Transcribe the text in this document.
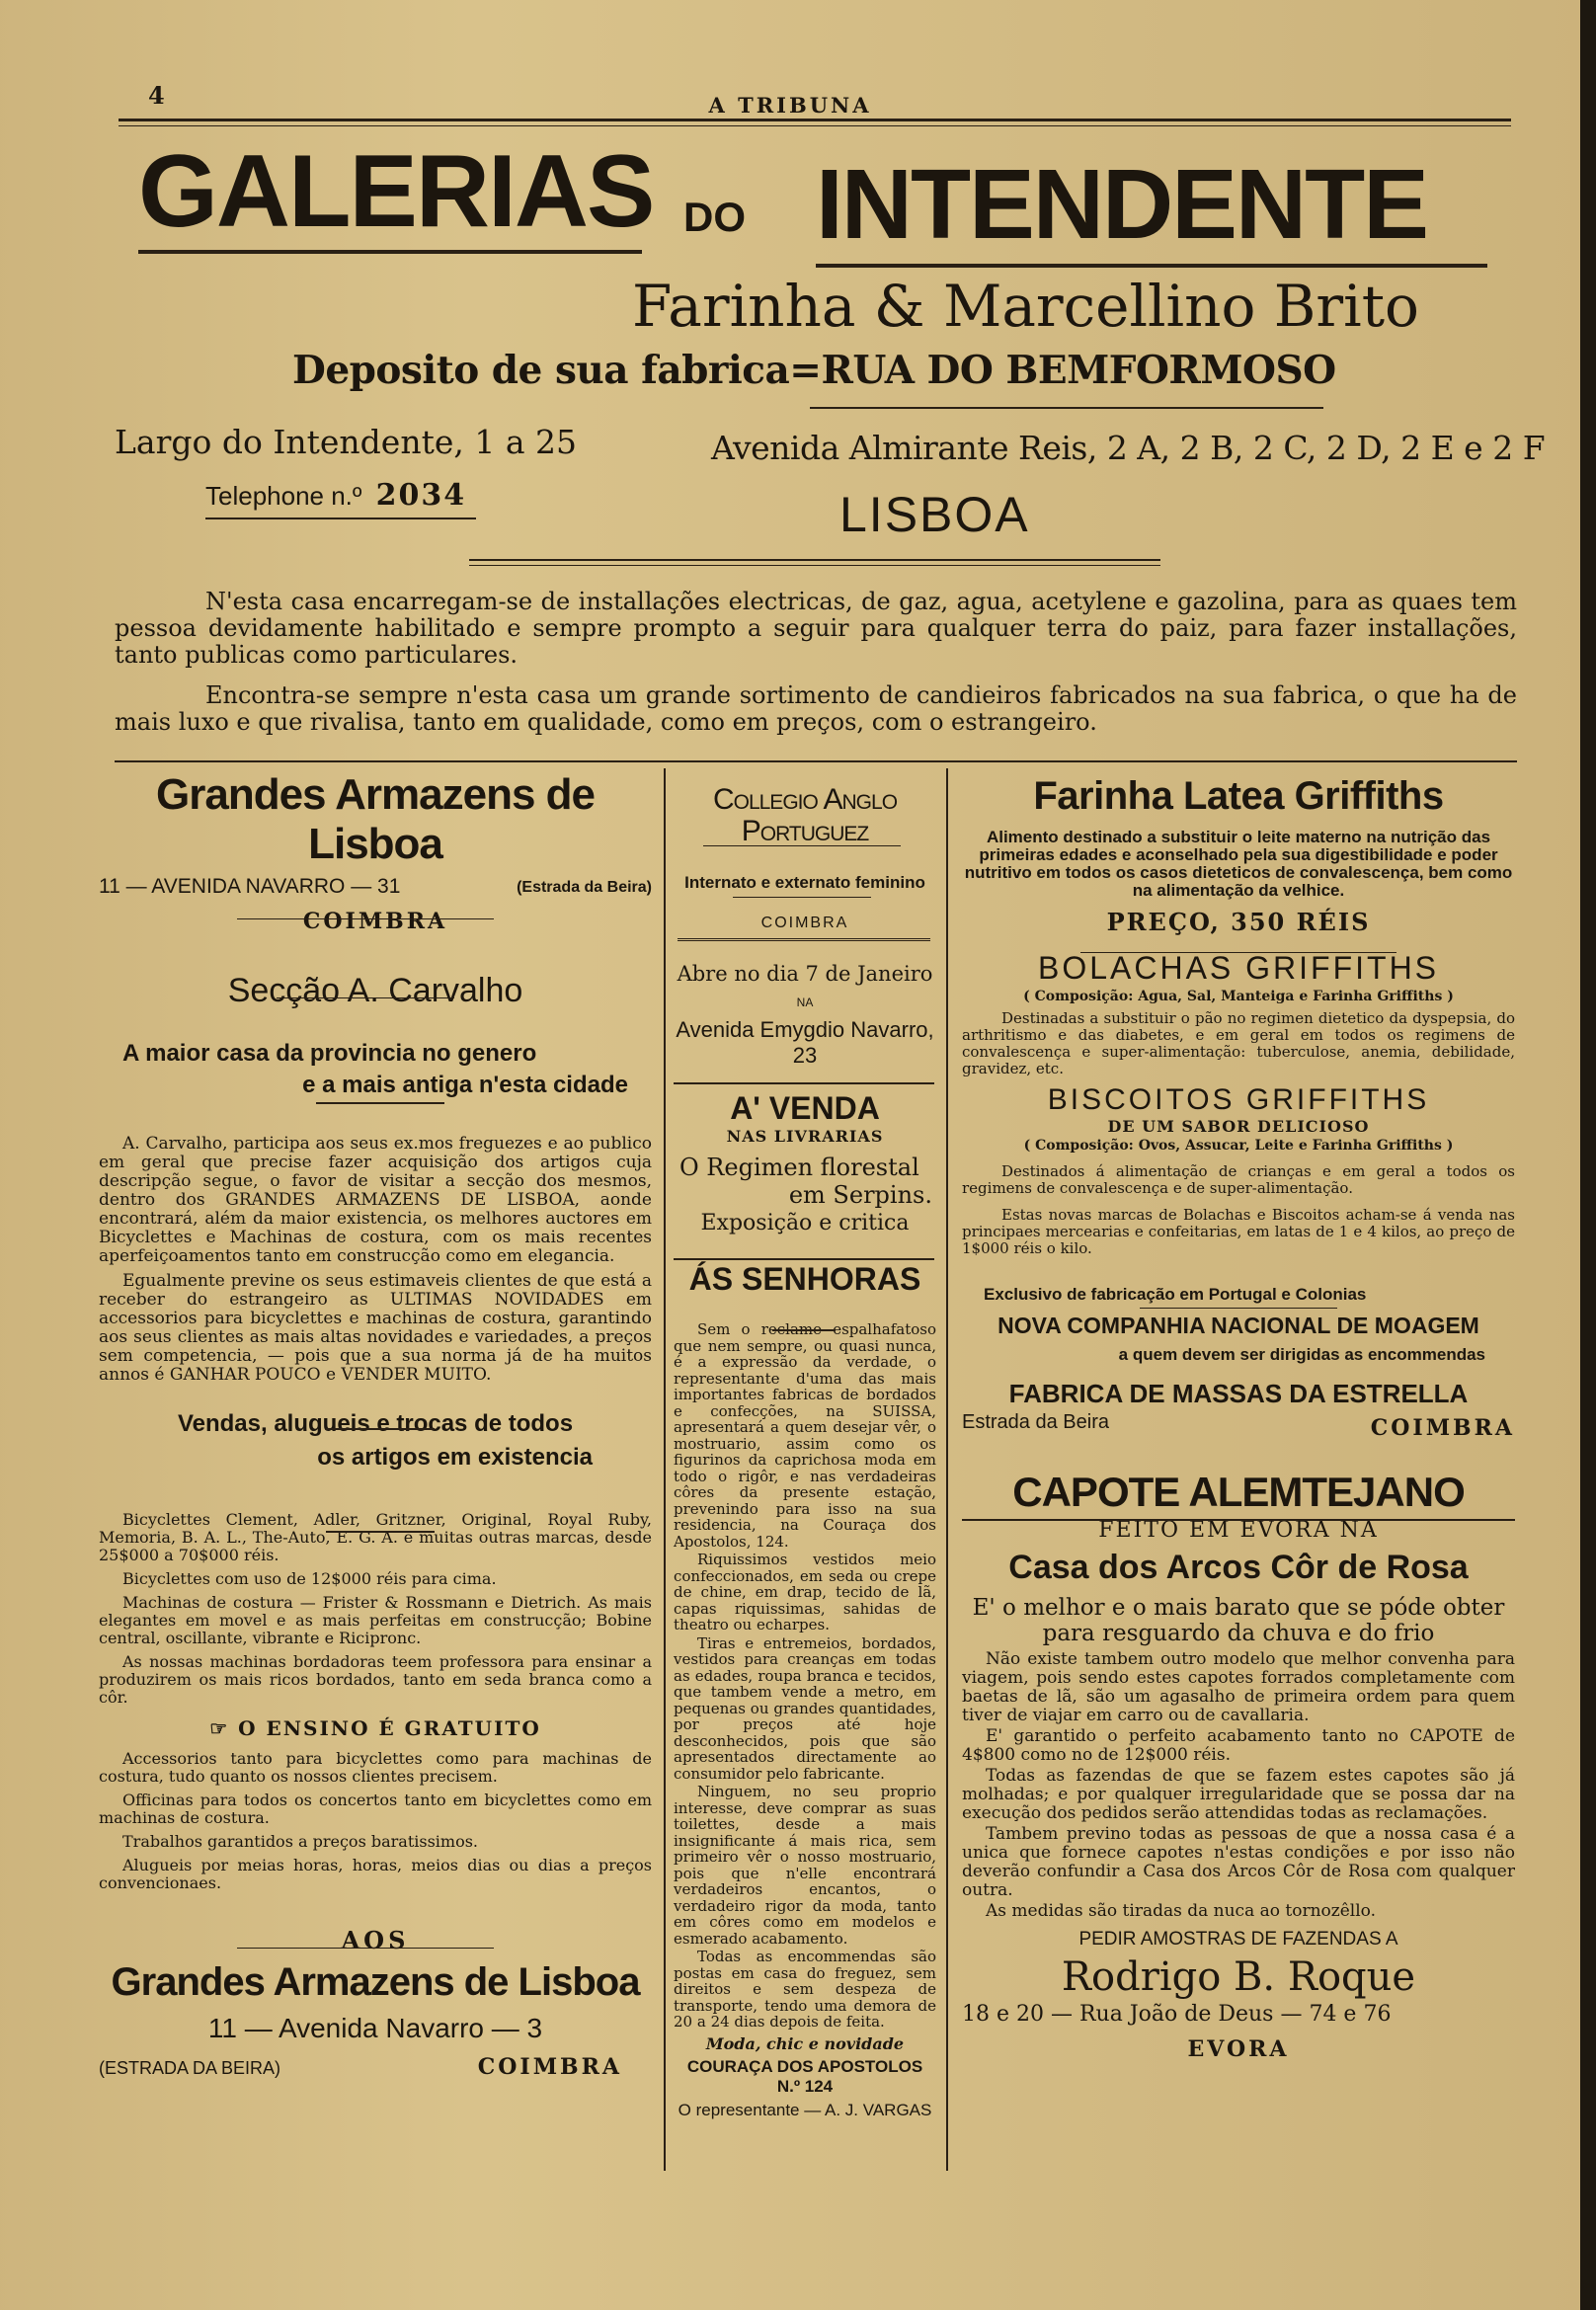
4	A TRIBUNA
GALERIAS DO INTENDENTE
Farinha & Marcellino Brito
Deposito de sua fabrica=RUA DO BEMFORMOSO
Largo do Intendente, 1 a 25	Avenida Almirante Reis, 2 A, 2 B, 2 C, 2 D, 2 E e 2 F
Telephone n.º 2034	LISBOA

N'esta casa encarregam-se de installações electricas, de gaz, agua, acetylene e gazolina, para as quaes tem pessoa devidamente habilitado e sempre prompto a seguir para qualquer terra do paiz, para fazer installações, tanto publicas como particulares.

Encontra-se sempre n'esta casa um grande sortimento de candieiros fabricados na sua fabrica, o que ha de mais luxo e que rivalisa, tanto em qualidade, como em preços, com o estrangeiro.

Grandes Armazens de Lisboa
11 — AVENIDA NAVARRO — 31	(Estrada da Beira)
COIMBRA
Secção A. Carvalho
A maior casa da provincia no genero
e a mais antiga n'esta cidade

A. Carvalho, participa aos seus ex.mos freguezes e ao publico em geral que precise fazer acquisição dos artigos cuja descripção segue, o favor de visitar a secção dos mesmos, dentro dos GRANDES ARMAZENS DE LISBOA, aonde encontrará, além da maior existencia, os melhores auctores em Bicyclettes e Machinas de costura, com os mais recentes aperfeiçoamentos tanto em construcção como em elegancia.

Egualmente previne os seus estimaveis clientes de que está a receber do estrangeiro as ULTIMAS NOVIDADES em accessorios para bicyclettes e machinas de costura, garantindo aos seus clientes as mais altas novidades e variedades, a preços sem competencia, — pois que a sua norma já de ha muitos annos é GANHAR POUCO e VENDER MUITO.

Vendas, alugueis e trocas de todos
os artigos em existencia

Bicyclettes Clement, Adler, Gritzner, Original, Royal Ruby, Memoria, B. A. L., The-Auto, E. G. A. e muitas outras marcas, desde 25$000 a 70$000 réis.

Bicyclettes com uso de 12$000 réis para cima.

Machinas de costura — Frister & Rossmann e Dietrich. As mais elegantes em movel e as mais perfeitas em construcção; Bobine central, oscillante, vibrante e Ricipronc.

As nossas machinas bordadoras teem professora para ensinar a produzirem os mais ricos bordados, tanto em seda branca como a côr.

☞ O ENSINO É GRATUITO

Accessorios tanto para bicyclettes como para machinas de costura, tudo quanto os nossos clientes precisem.

Officinas para todos os concertos tanto em bicyclettes como em machinas de costura.

Trabalhos garantidos a preços baratissimos.

Alugueis por meias horas, horas, meios dias ou dias a preços convencionaes.

AOS
Grandes Armazens de Lisboa
11 — Avenida Navarro — 3
(ESTRADA DA BEIRA)	COIMBRA
Collegio Anglo Portuguez
Internato e externato feminino
COIMBRA
Abre no dia 7 de Janeiro
NA
Avenida Emygdio Navarro, 23
A' VENDA
NAS LIVRARIAS
O Regimen florestal
em Serpins.
Exposição e critica
ÁS SENHORAS

Sem o reclame espalhafatoso que nem sempre, ou quasi nunca, é a expressão da verdade, o representante d'uma das mais importantes fabricas de bordados e confecções, na SUISSA, apresentará a quem desejar vêr, o mostruario, assim como os figurinos da caprichosa moda em todo o rigôr, e nas verdadeiras côres da presente estação, prevenindo para isso na sua residencia, na Couraça dos Apostolos, 124.

Riquissimos vestidos meio confeccionados, em seda ou crepe de chine, em drap, tecido de lã, capas riquissimas, sahidas de theatro ou echarpes.

Tiras e entremeios, bordados, vestidos para creanças em todas as edades, roupa branca e tecidos, que tambem vende a metro, em pequenas ou grandes quantidades, por preços até hoje desconhecidos, pois que são apresentados directamente ao consumidor pelo fabricante.

Ninguem, no seu proprio interesse, deve comprar as suas toilettes, desde a mais insignificante á mais rica, sem primeiro vêr o nosso mostruario, pois que n'elle encontrará verdadeiros encantos, o verdadeiro rigor da moda, tanto em côres como em modelos e esmerado acabamento.

Todas as encommendas são postas em casa do freguez, sem direitos e sem despeza de transporte, tendo uma demora de 20 a 24 dias depois de feita.

Moda, chic e novidade
COURAÇA DOS APOSTOLOS N.º 124
O representante — A. J. VARGAS
Farinha Latea Griffiths
Alimento destinado a substituir o leite materno na nutrição das primeiras edades e aconselhado pela sua digestibilidade e poder nutritivo em todos os casos dieteticos de convalescença, bem como na alimentação da velhice.
PREÇO, 350 RÉIS
BOLACHAS GRIFFITHS
( Composição: Agua, Sal, Manteiga e Farinha Griffiths )
Destinadas a substituir o pão no regimen dietetico da dyspepsia, do arthritismo e das diabetes, e em geral em todos os regimens de convalescença e super-alimentação: tuberculose, anemia, debilidade, gravidez, etc.
BISCOITOS GRIFFITHS
DE UM SABOR DELICIOSO
( Composição: Ovos, Assucar, Leite e Farinha Griffiths )
Destinados á alimentação de crianças e em geral a todos os regimens de convalescença e de super-alimentação.
Estas novas marcas de Bolachas e Biscoitos acham-se á venda nas principaes mercearias e confeitarias, em latas de 1 e 4 kilos, ao preço de 1$000 réis o kilo.
Exclusivo de fabricação em Portugal e Colonias
NOVA COMPANHIA NACIONAL DE MOAGEM
a quem devem ser dirigidas as encommendas
FABRICA DE MASSAS DA ESTRELLA
Estrada da Beira	COIMBRA
CAPOTE ALEMTEJANO
FEITO EM EVORA NA
Casa dos Arcos Côr de Rosa
E' o melhor e o mais barato que se póde obter
para resguardo da chuva e do frio

Não existe tambem outro modelo que melhor convenha para viagem, pois sendo estes capotes forrados completamente com baetas de lã, são um agasalho de primeira ordem para quem tiver de viajar em carro ou de cavallaria.

E' garantido o perfeito acabamento tanto no CAPOTE de 4$800 como no de 12$000 réis.

Todas as fazendas de que se fazem estes capotes são já molhadas; e por qualquer irregularidade que se possa dar na execução dos pedidos serão attendidas todas as reclamações.

Tambem previno todas as pessoas de que a nossa casa é a unica que fornece capotes n'estas condições e por isso não deverão confundir a Casa dos Arcos Côr de Rosa com qualquer outra.

As medidas são tiradas da nuca ao tornozêllo.

PEDIR AMOSTRAS DE FAZENDAS A
Rodrigo B. Roque
18 e 20 — Rua João de Deus — 74 e 76
EVORA
